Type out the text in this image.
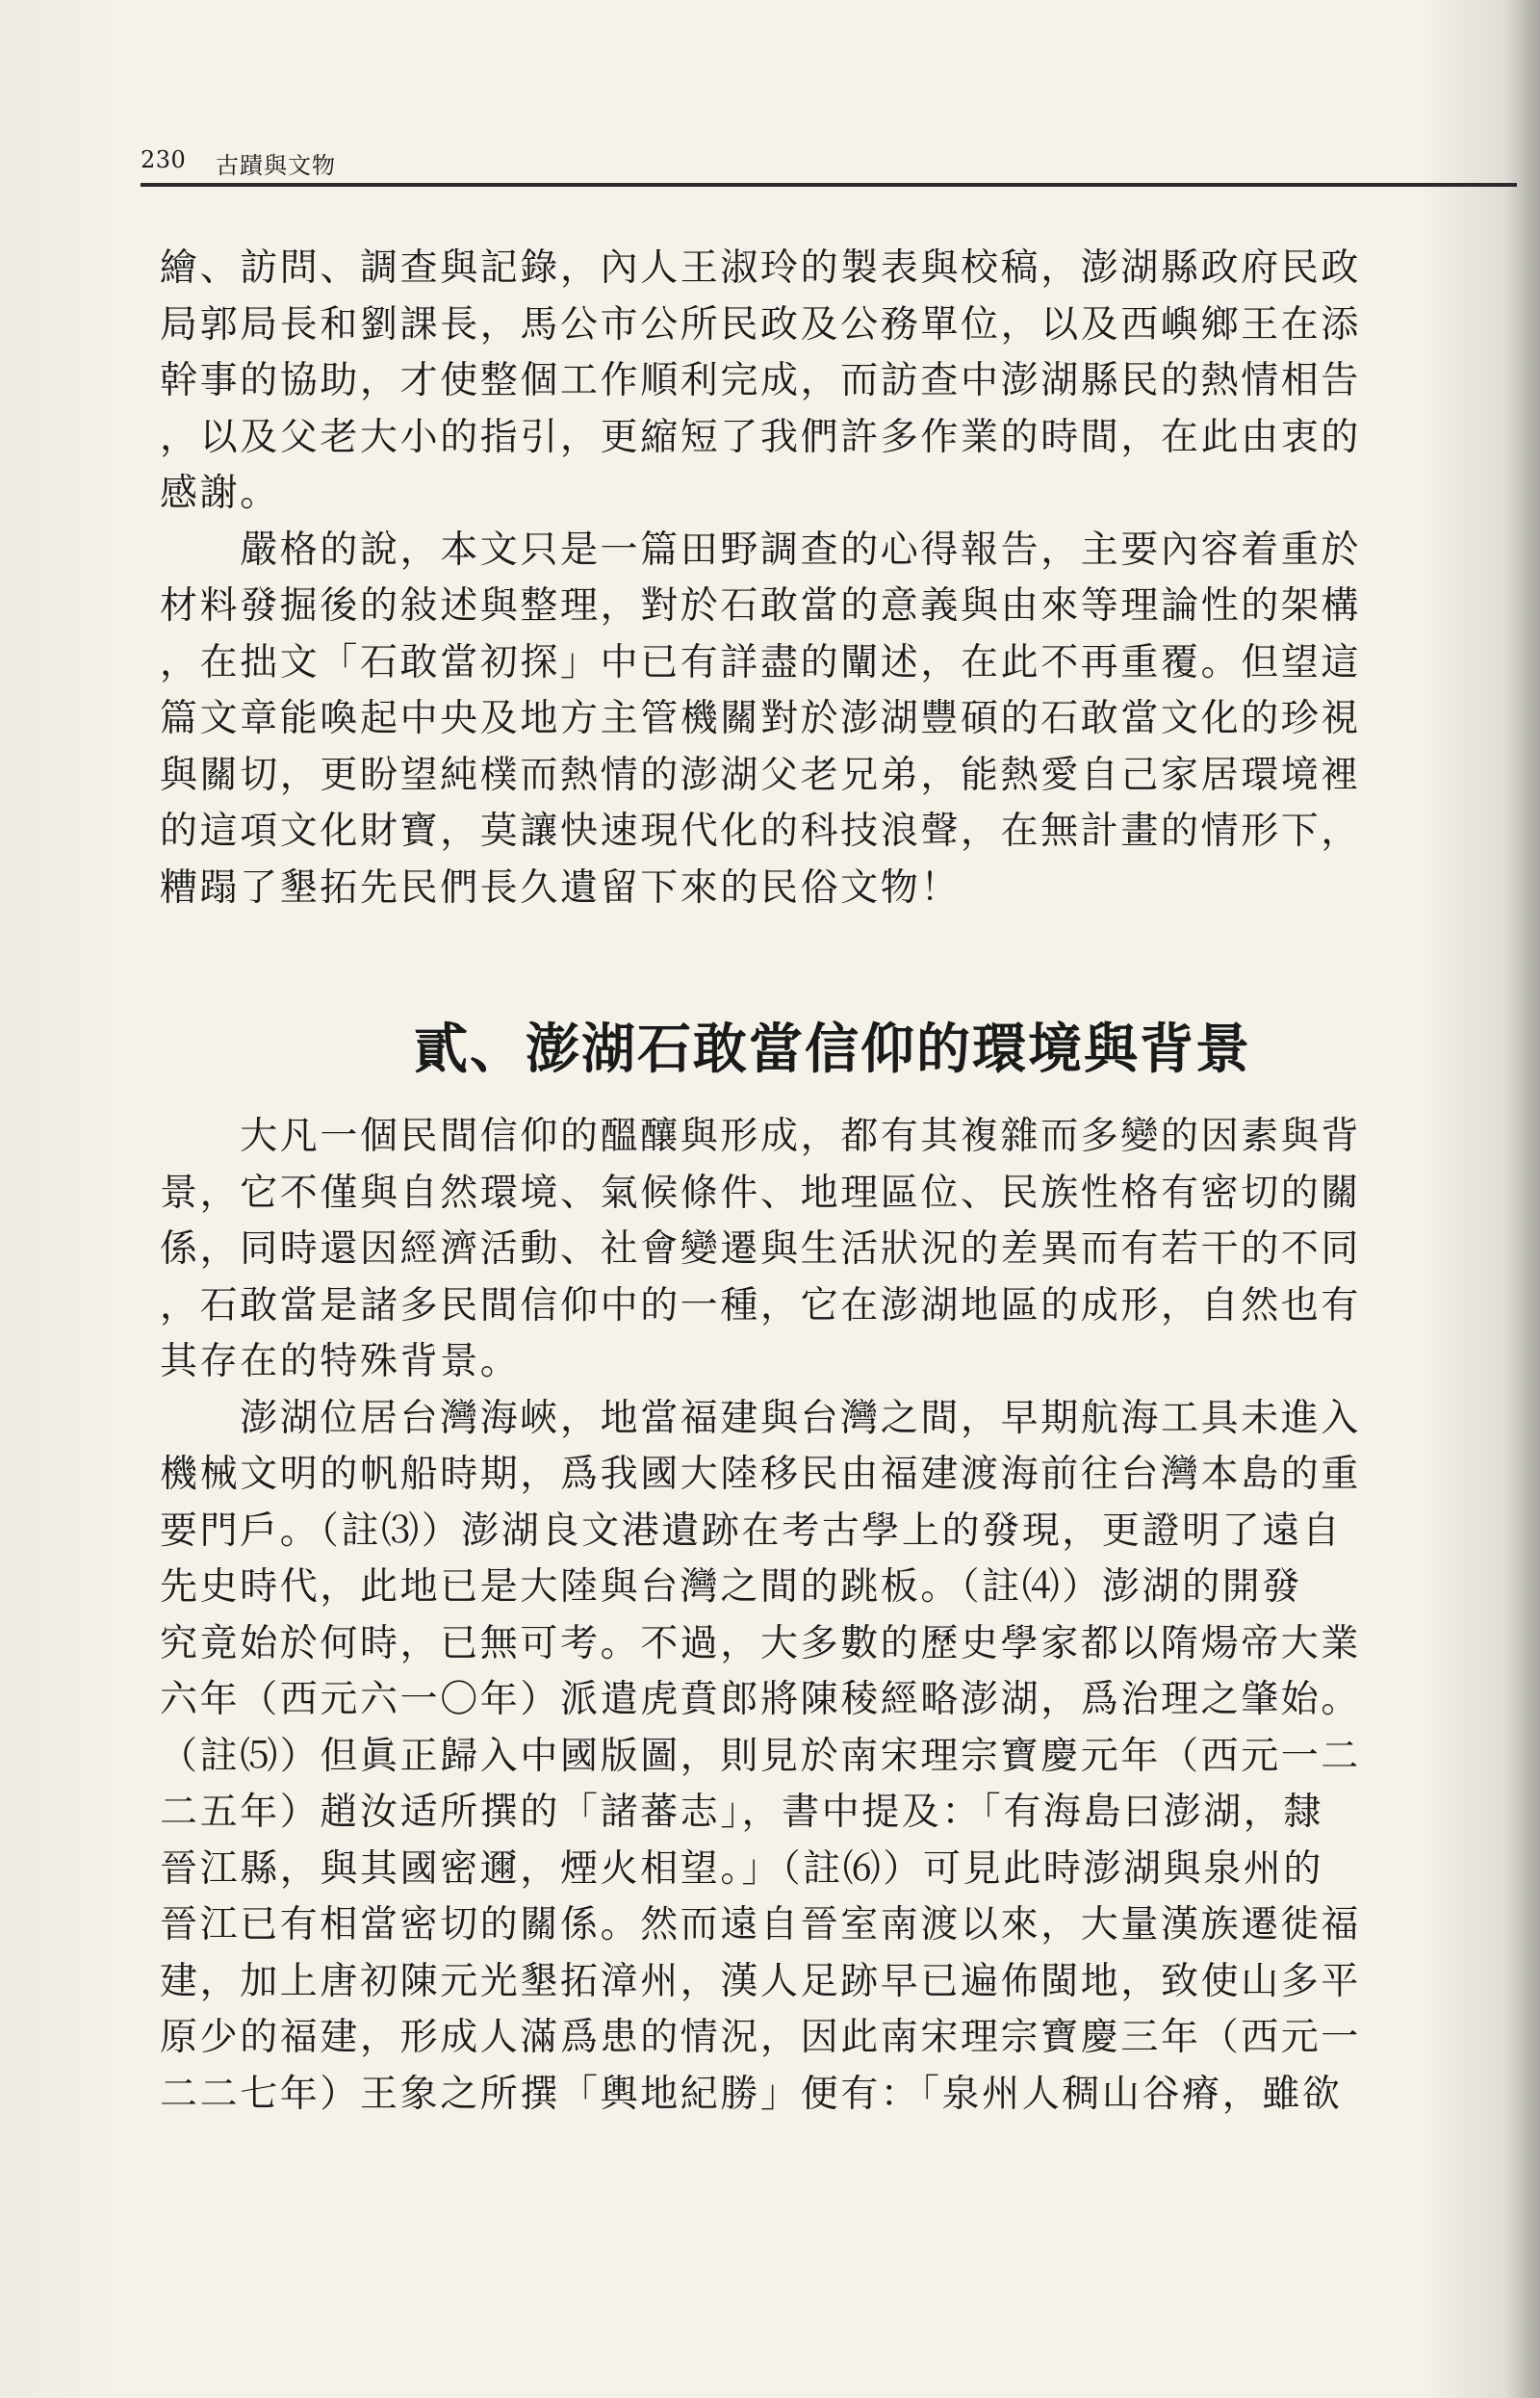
230 古蹟與文物

繪、訪問、調查與記錄，內人王淑玲的製表與校稿，澎湖縣政府民政
局郭局長和劉課長，馬公市公所民政及公務單位，以及西嶼鄉王在添
幹事的協助，才使整個工作順利完成，而訪查中澎湖縣民的熱情相告
，以及父老大小的指引，更縮短了我們許多作業的時間，在此由衷的
感謝。

　　嚴格的說，本文只是一篇田野調查的心得報告，主要內容着重於
材料發掘後的敍述與整理，對於石敢當的意義與由來等理論性的架構
，在拙文「石敢當初探」中已有詳盡的闡述，在此不再重覆。但望這
篇文章能喚起中央及地方主管機關對於澎湖豐碩的石敢當文化的珍視
與關切，更盼望純樸而熱情的澎湖父老兄弟，能熱愛自己家居環境裡
的這項文化財寶，莫讓快速現代化的科技浪聲，在無計畫的情形下，
糟蹋了墾拓先民們長久遺留下來的民俗文物！

貳、澎湖石敢當信仰的環境與背景

　　大凡一個民間信仰的醞釀與形成，都有其複雜而多變的因素與背
景，它不僅與自然環境、氣候條件、地理區位、民族性格有密切的關
係，同時還因經濟活動、社會變遷與生活狀況的差異而有若干的不同
，石敢當是諸多民間信仰中的一種，它在澎湖地區的成形，自然也有
其存在的特殊背景。

　　澎湖位居台灣海峽，地當福建與台灣之間，早期航海工具未進入
機械文明的帆船時期，爲我國大陸移民由福建渡海前往台灣本島的重
要門戶。（註⑶）澎湖良文港遺跡在考古學上的發現，更證明了遠自
先史時代，此地已是大陸與台灣之間的跳板。（註⑷）澎湖的開發
究竟始於何時，已無可考。不過，大多數的歷史學家都以隋煬帝大業
六年（西元六一〇年）派遣虎賁郎將陳稜經略澎湖，爲治理之肇始。
（註⑸）但眞正歸入中國版圖，則見於南宋理宗寶慶元年（西元一二
二五年）趙汝适所撰的「諸蕃志」，書中提及：「有海島曰澎湖，隸
晉江縣，與其國密邇，煙火相望。」（註⑹）可見此時澎湖與泉州的
晉江已有相當密切的關係。然而遠自晉室南渡以來，大量漢族遷徙福
建，加上唐初陳元光墾拓漳州，漢人足跡早已遍佈閩地，致使山多平
原少的福建，形成人滿爲患的情況，因此南宋理宗寶慶三年（西元一
二二七年）王象之所撰「輿地紀勝」便有：「泉州人稠山谷瘠，雖欲
